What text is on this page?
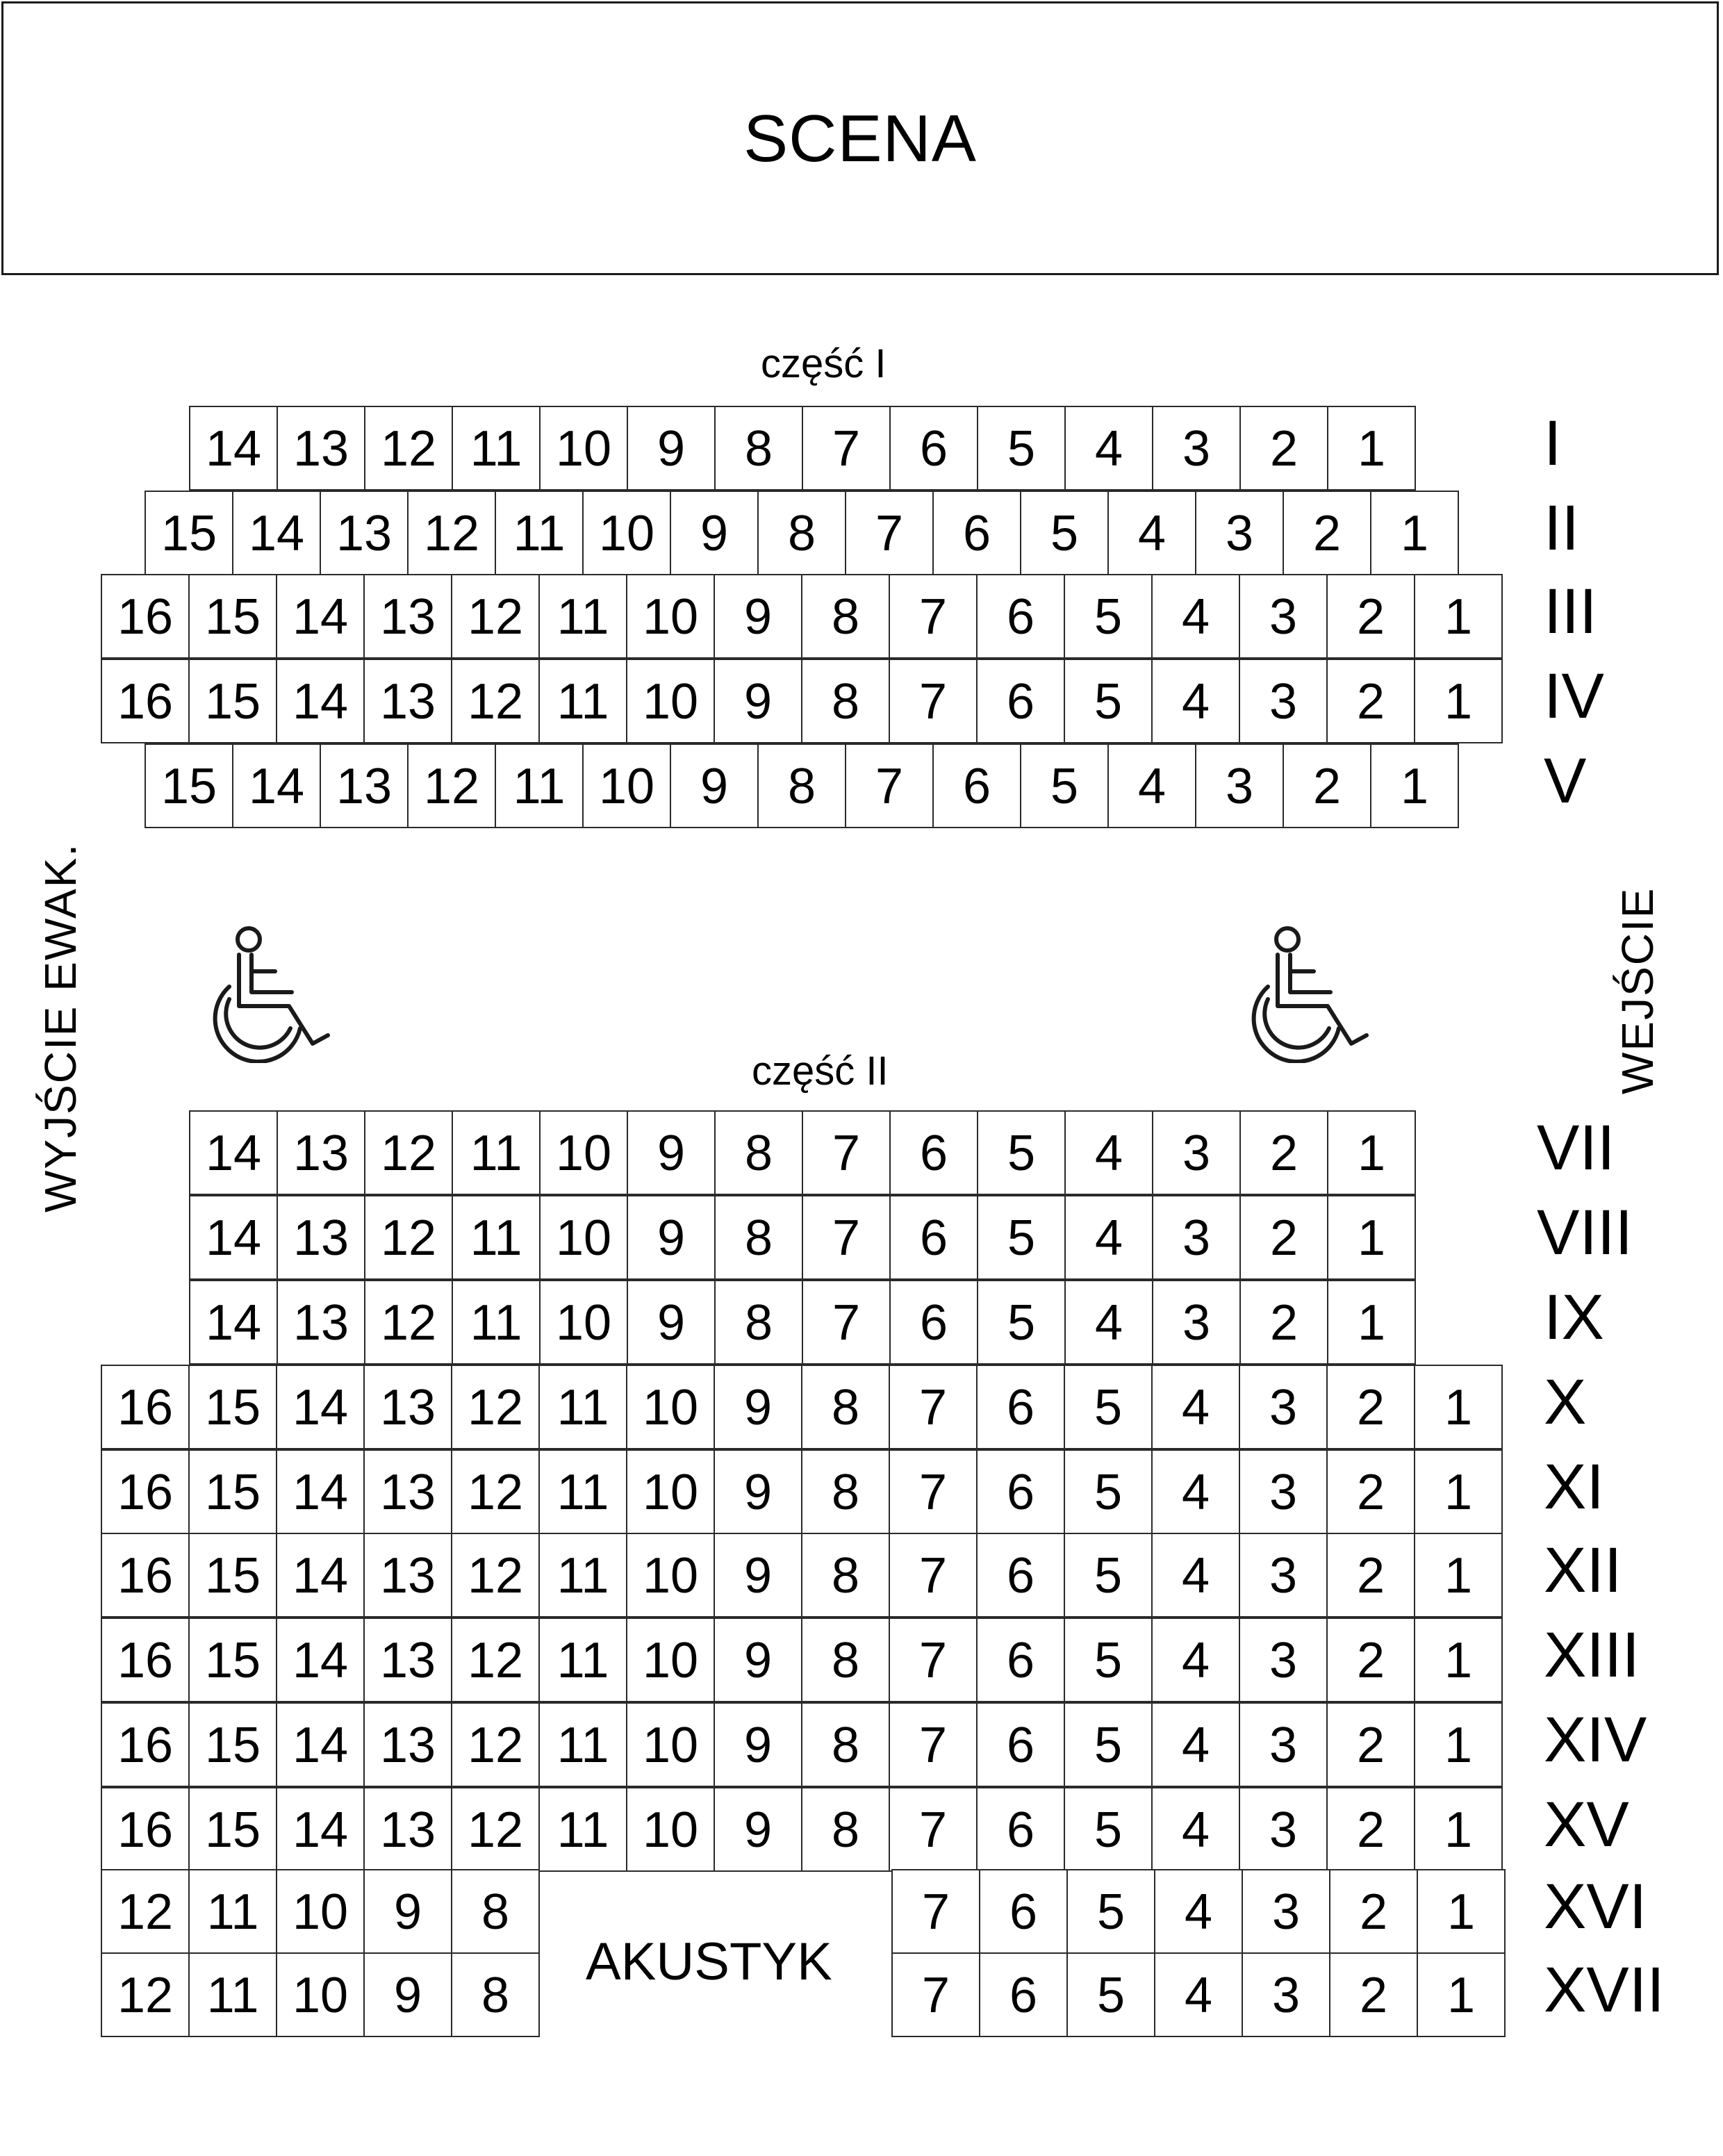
SCENA
część I
część II
WYJŚCIE EWAK.	WEJŚCIE
AKUSTYK
14 13 12 11 10 9	8	7	6	5	4	3	2	1	I
15 14 13 12 11 10 9	8	7	6	5	4	3	2	1	II
16 15 14 13 12 11 10 9	8	7	6	5	4	3	2	1	III
16 15 14 13 12 11 10 9	8	7	6	5	4	3	2	1	IV
15 14 13 12 11 10 9	8	7	6	5	4	3	2	1	V
14 13 12 11 10 9	8	7	6	5	4	3	2	1	VII
14 13 12 11 10 9	8	7	6	5	4	3	2	1	VIII
14 13 12 11 10 9	8	7	6	5	4	3	2	1	IX
16 15 14 13 12 11 10 9	8	7	6	5	4	3	2	1	X
16 15 14 13 12 11 10 9	8	7	6	5	4	3	2	1	XI
16 15 14 13 12 11 10 9	8	7	6	5	4	3	2	1	XII
16 15 14 13 12 11 10 9	8	7	6	5	4	3	2	1	XIII
16 15 14 13 12 11 10 9	8	7	6	5	4	3	2	1	XIV
16 15 14 13 12 11 10 9	8	7	6	5	4	3	2	1	XV
12 11 10 9	8	7	6	5	4	3	2	1	XVI
12 11 10 9	8	7	6	5	4	3	2	1	XVII
